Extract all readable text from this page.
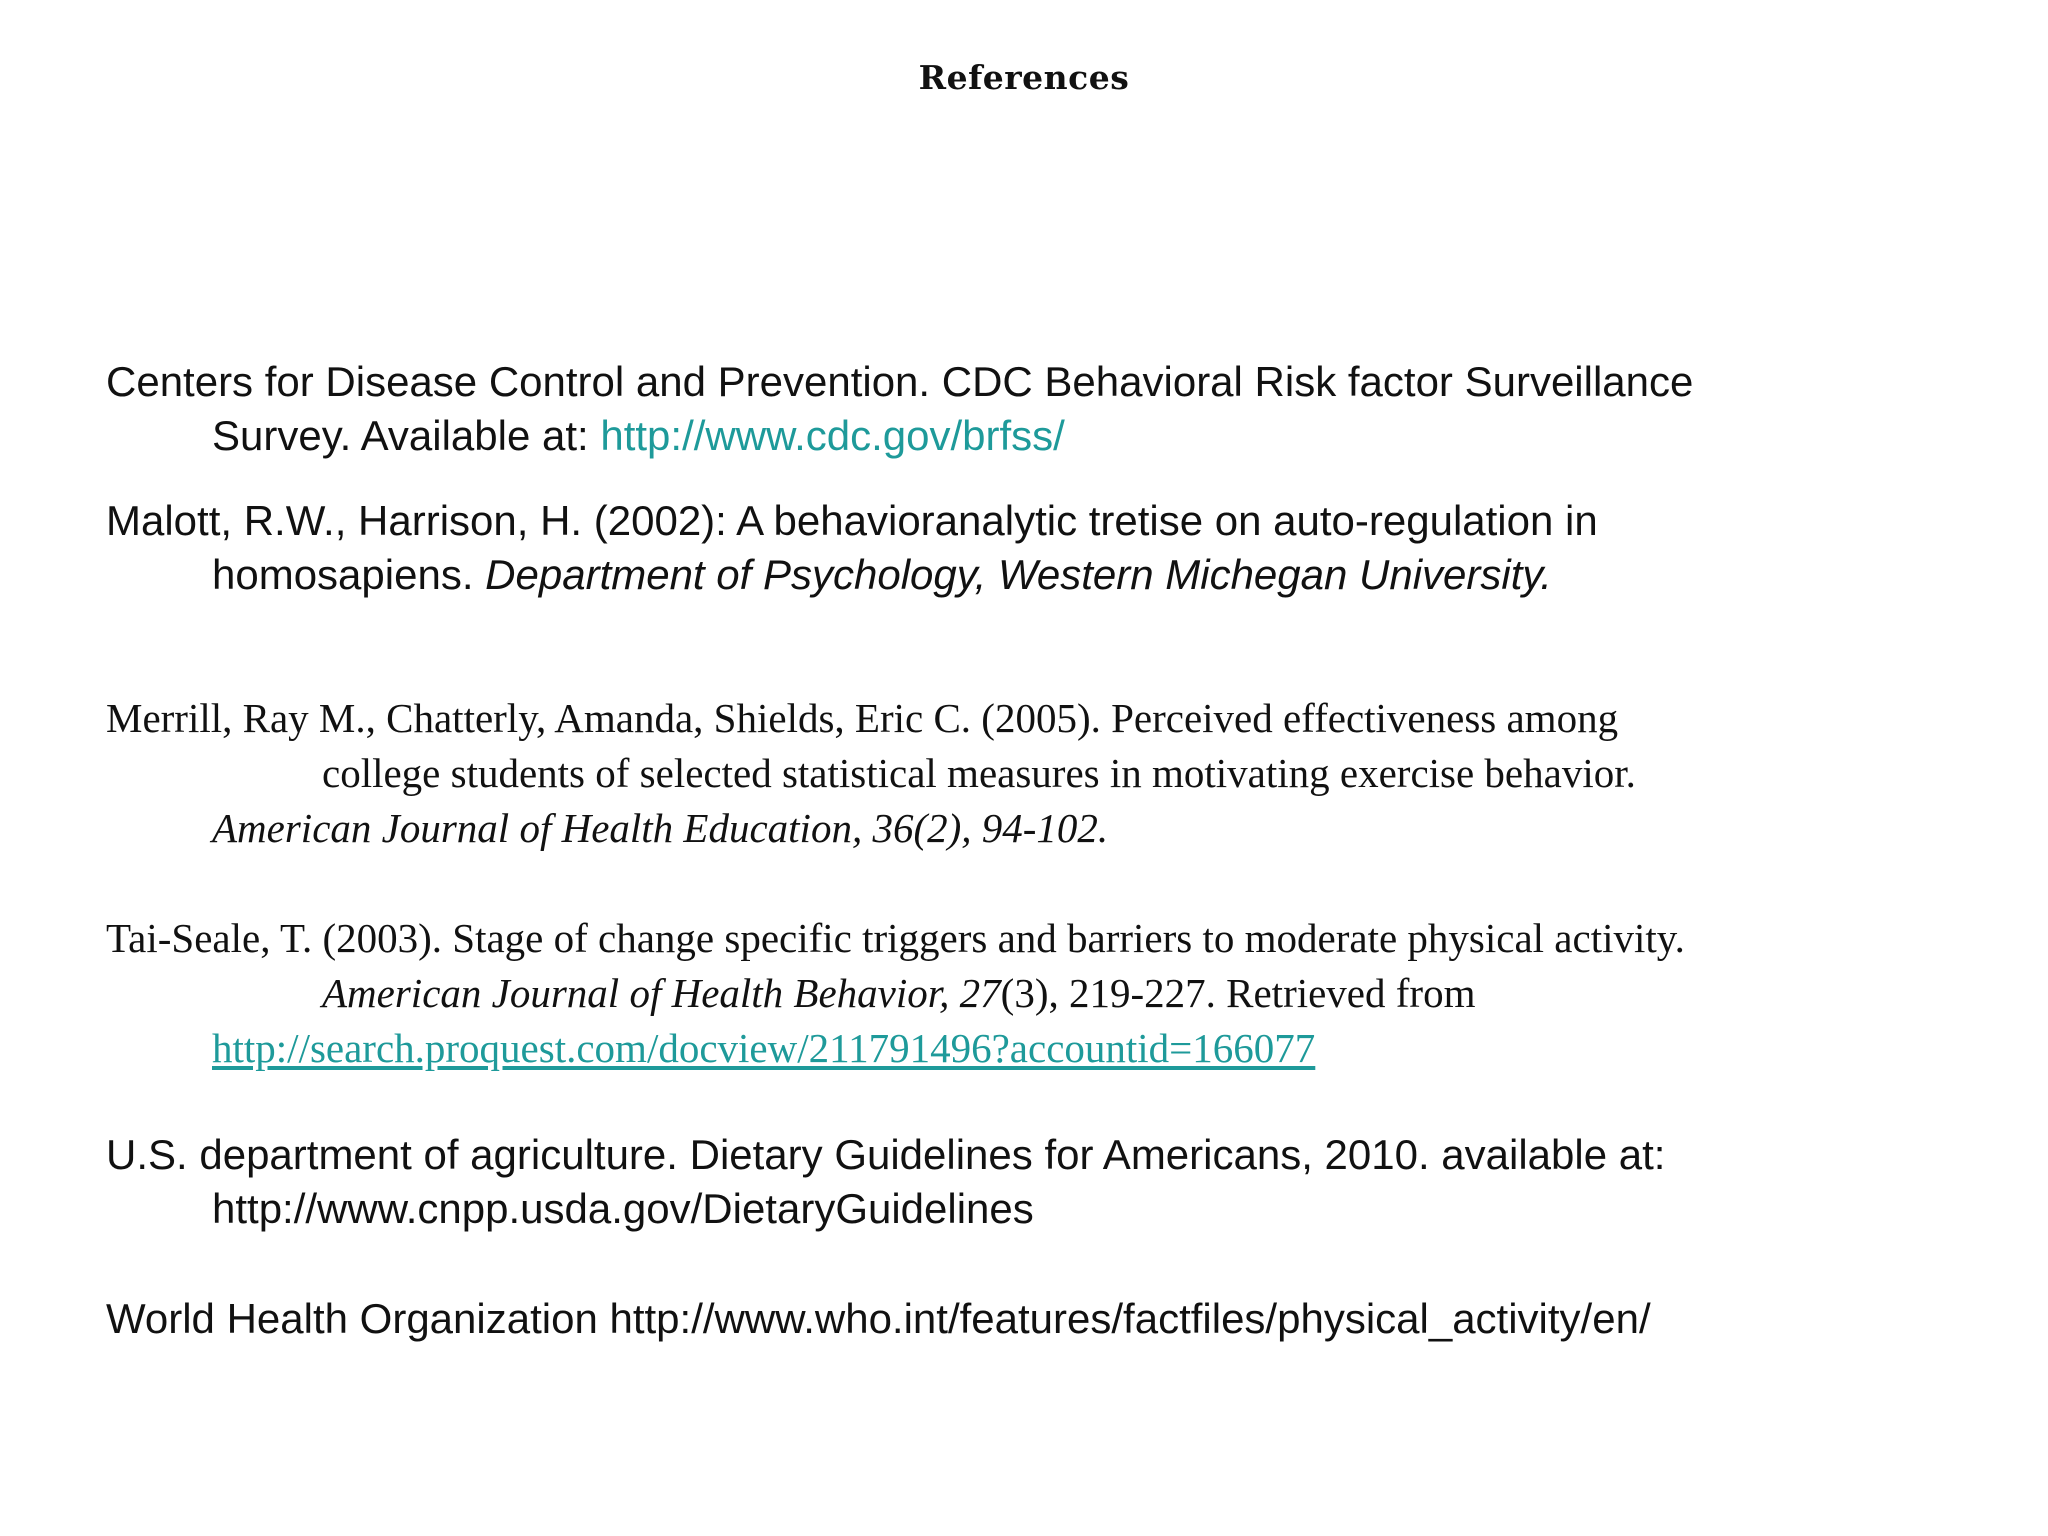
References
Centers for Disease Control and Prevention. CDC Behavioral Risk factor Surveillance
Survey. Available at: http://www.cdc.gov/brfss/
Malott, R.W., Harrison, H. (2002): A behavioranalytic tretise on auto-regulation in
homosapiens. Department of Psychology, Western Michegan University.
Merrill, Ray M., Chatterly, Amanda, Shields, Eric C. (2005). Perceived effectiveness among
college students of selected statistical measures in motivating exercise behavior.
American Journal of Health Education, 36(2), 94-102.
Tai-Seale, T. (2003). Stage of change specific triggers and barriers to moderate physical activity.
American Journal of Health Behavior, 27(3), 219-227. Retrieved from
http://search.proquest.com/docview/211791496?accountid=166077
U.S. department of agriculture. Dietary Guidelines for Americans, 2010. available at:
http://www.cnpp.usda.gov/DietaryGuidelines
World Health Organization http://www.who.int/features/factfiles/physical_activity/en/
